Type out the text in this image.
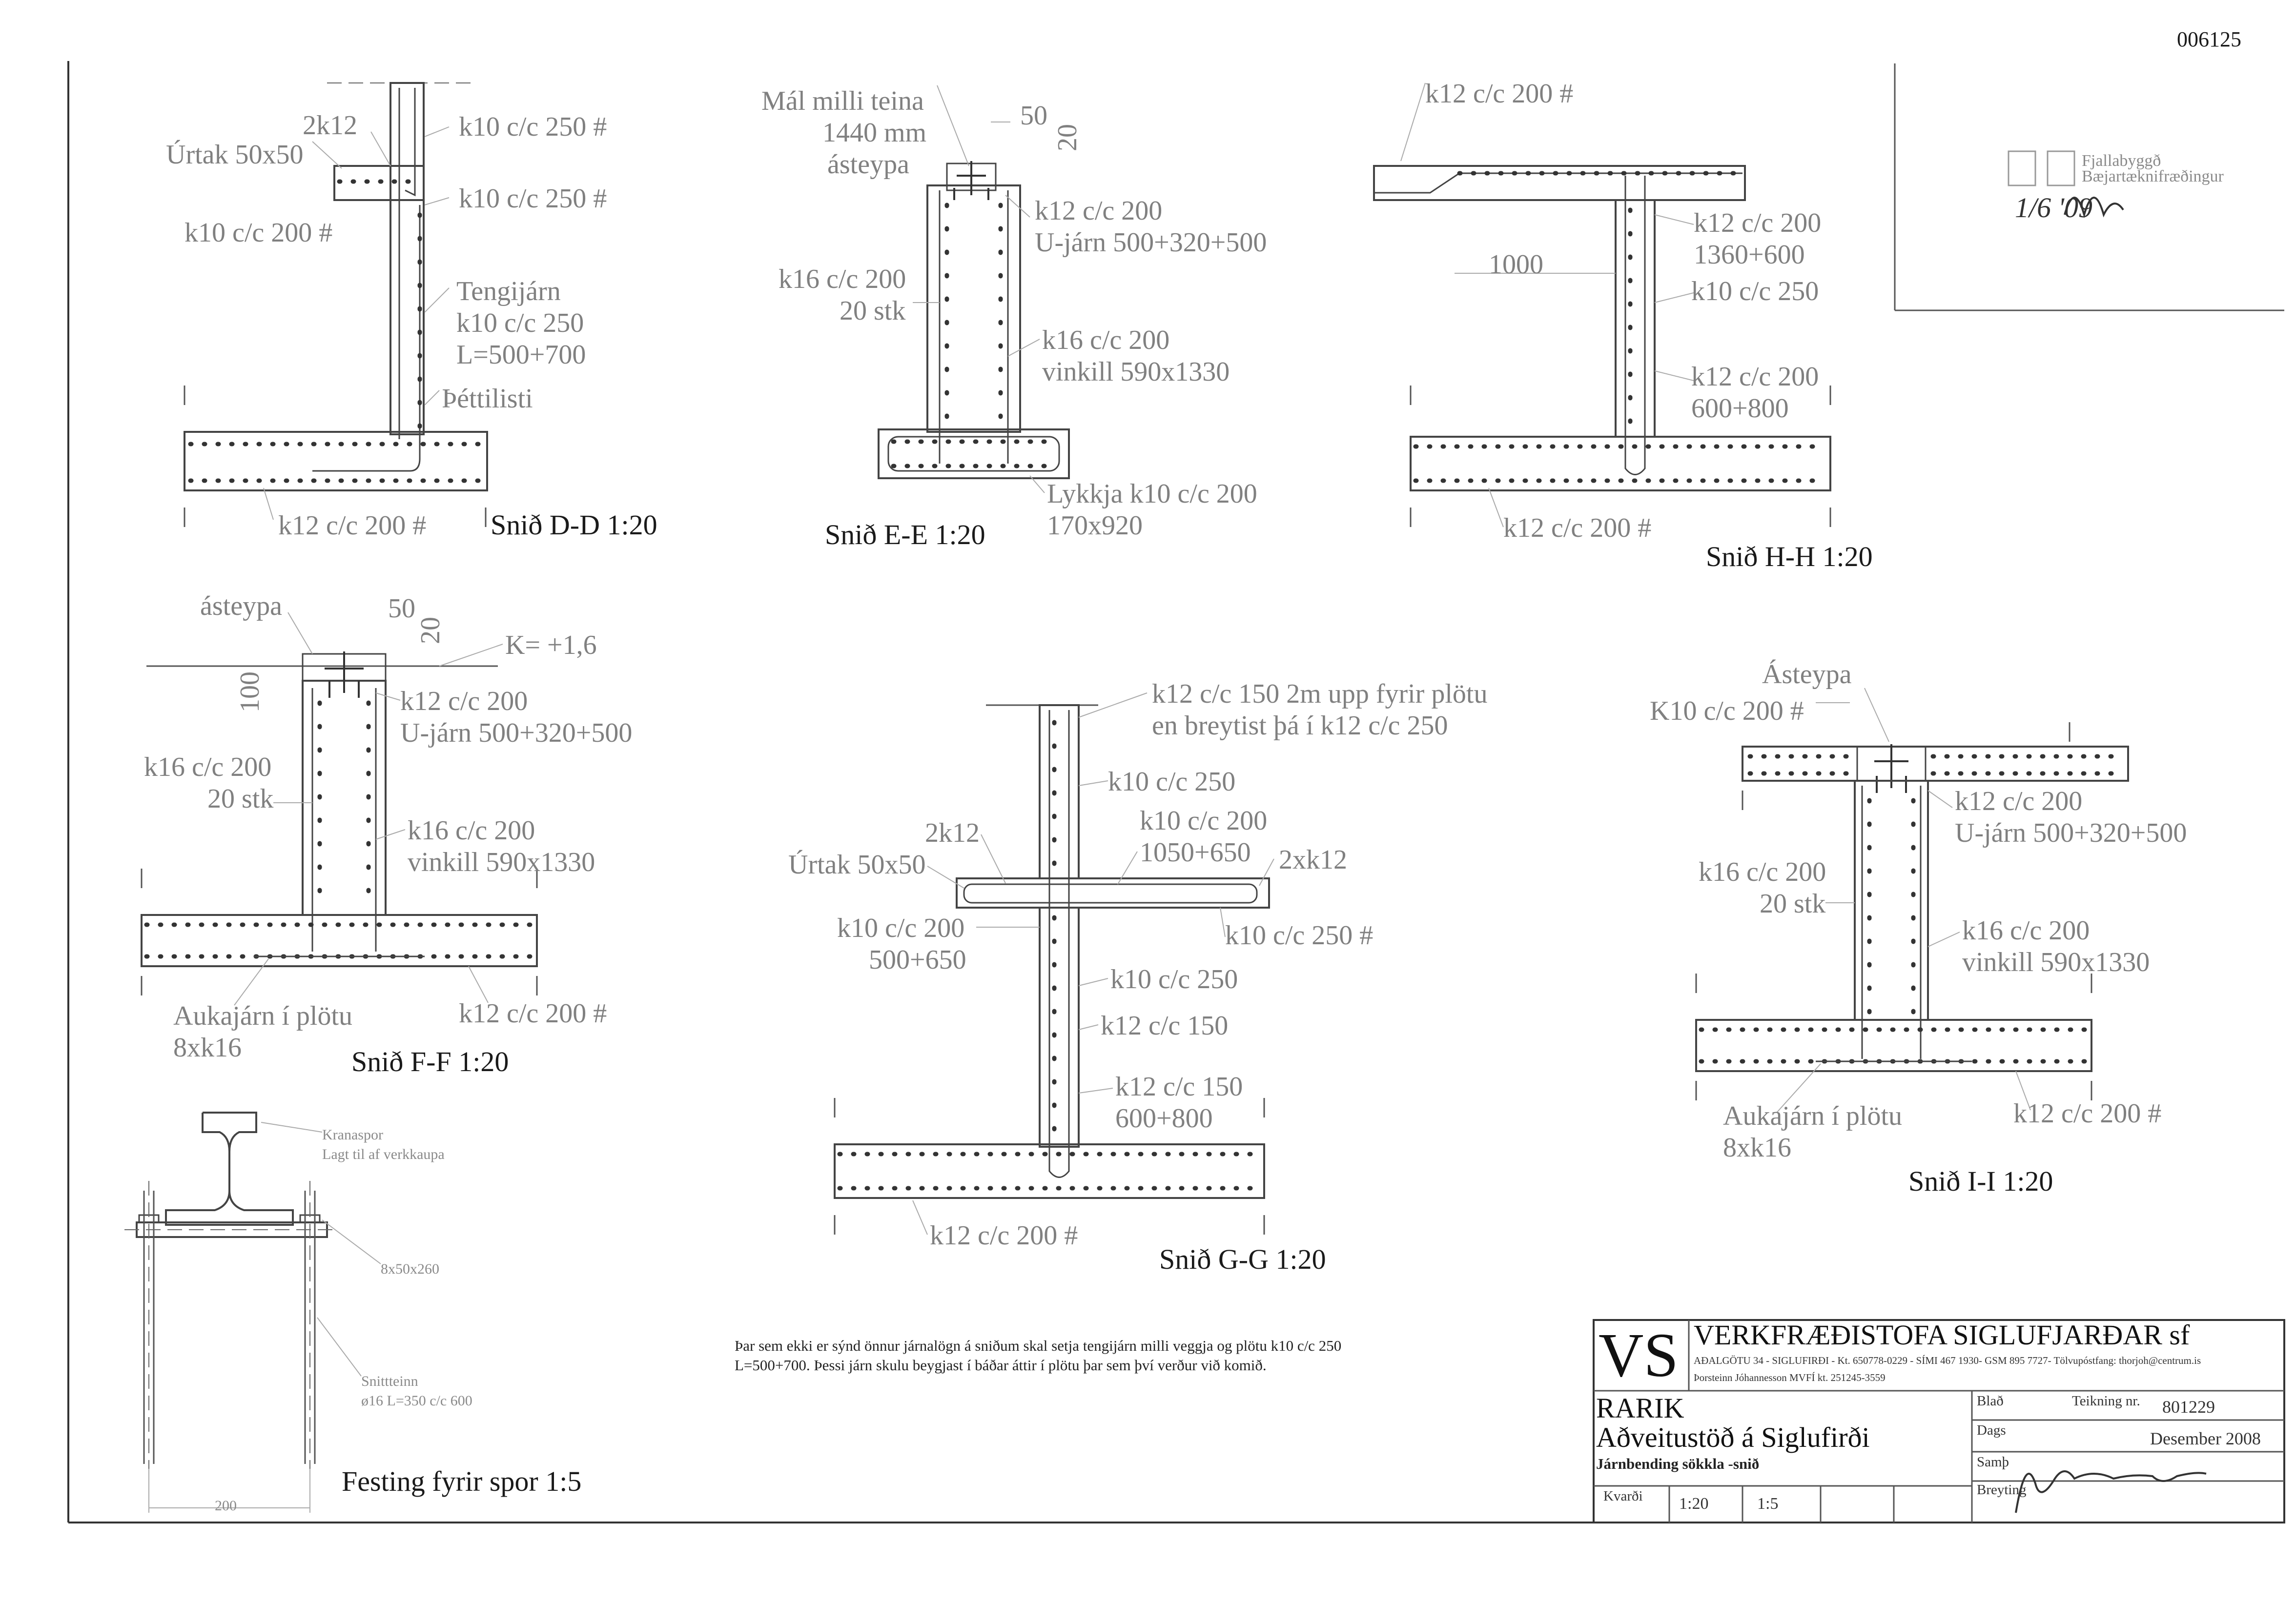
006125
Fjallabyggð
Bæjartæknifræðingur
1/6 '09
Úrtak 50x50
2k12	k10 c/c 250 #
k10 c/c 250 #
k10 c/c 200 #
Tengijárn
k10 c/c 250
L=500+700
Þéttilisti
k12 c/c 200 # Snið D-D 1:20
Mál milli teina
1440 mm
ásteypa
50
20
k12 c/c 200
U-járn 500+320+500
k16 c/c 200
20 stk
k16 c/c 200
vinkill 590x1330
Lykkja k10 c/c 200
170x920
Snið E-E 1:20
k12 c/c 200 #
k12 c/c 200
1360+600
1000
k10 c/c 250
k12 c/c 200
600+800
k12 c/c 200 #
Snið H-H 1:20
ásteypa	50
20 K= +1,6
100	k12 c/c 200
U-járn 500+320+500
k16 c/c 200
20 stk
k16 c/c 200
vinkill 590x1330
Aukajárn í plötu
8xk16
k12 c/c 200 #
Snið F-F 1:20
k12 c/c 150 2m upp fyrir plötu
en breytist þá í k12 c/c 250
k10 c/c 250
2k12	k10 c/c 200
1050+650 2xk12
Úrtak 50x50
k10 c/c 200
500+650
k10 c/c 250 #
k10 c/c 250
k12 c/c 150
k12 c/c 150
600+800
k12 c/c 200 #
Snið G-G 1:20
Ásteypa
K10 c/c 200 #
k12 c/c 200
U-járn 500+320+500
k16 c/c 200
20 stk
k16 c/c 200
vinkill 590x1330
Aukajárn í plötu
8xk16
k12 c/c 200 #
Snið I-I 1:20
Kranaspor
Lagt til af verkkaupa
8x50x260
Snittteinn
ø16 L=350 c/c 600
200
Festing fyrir spor 1:5
Þar sem ekki er sýnd önnur járnalögn á sniðum skal setja tengijárn milli veggja og plötu k10 c/c 250
L=500+700. Þessi járn skulu beygjast í báðar áttir í plötu þar sem því verður við komið.	VS VERKFRÆÐISTOFA SIGLUFJARÐAR sf
AÐALGÖTU 34 - SIGLUFIRÐI - Kt. 650778-0229 - SÍMI 467 1930- GSM 895 7727- Tölvupóstfang: thorjoh@centrum.is
Þorsteinn Jóhannesson MVFÍ kt. 251245-3559
RARIK
Aðveitustöð á Siglufirði
Járnbending sökkla -snið
Blað	Teikning nr. 801229
Dags	Desember 2008
Samþ
Breyting
Kvarði 1:20	1:5
